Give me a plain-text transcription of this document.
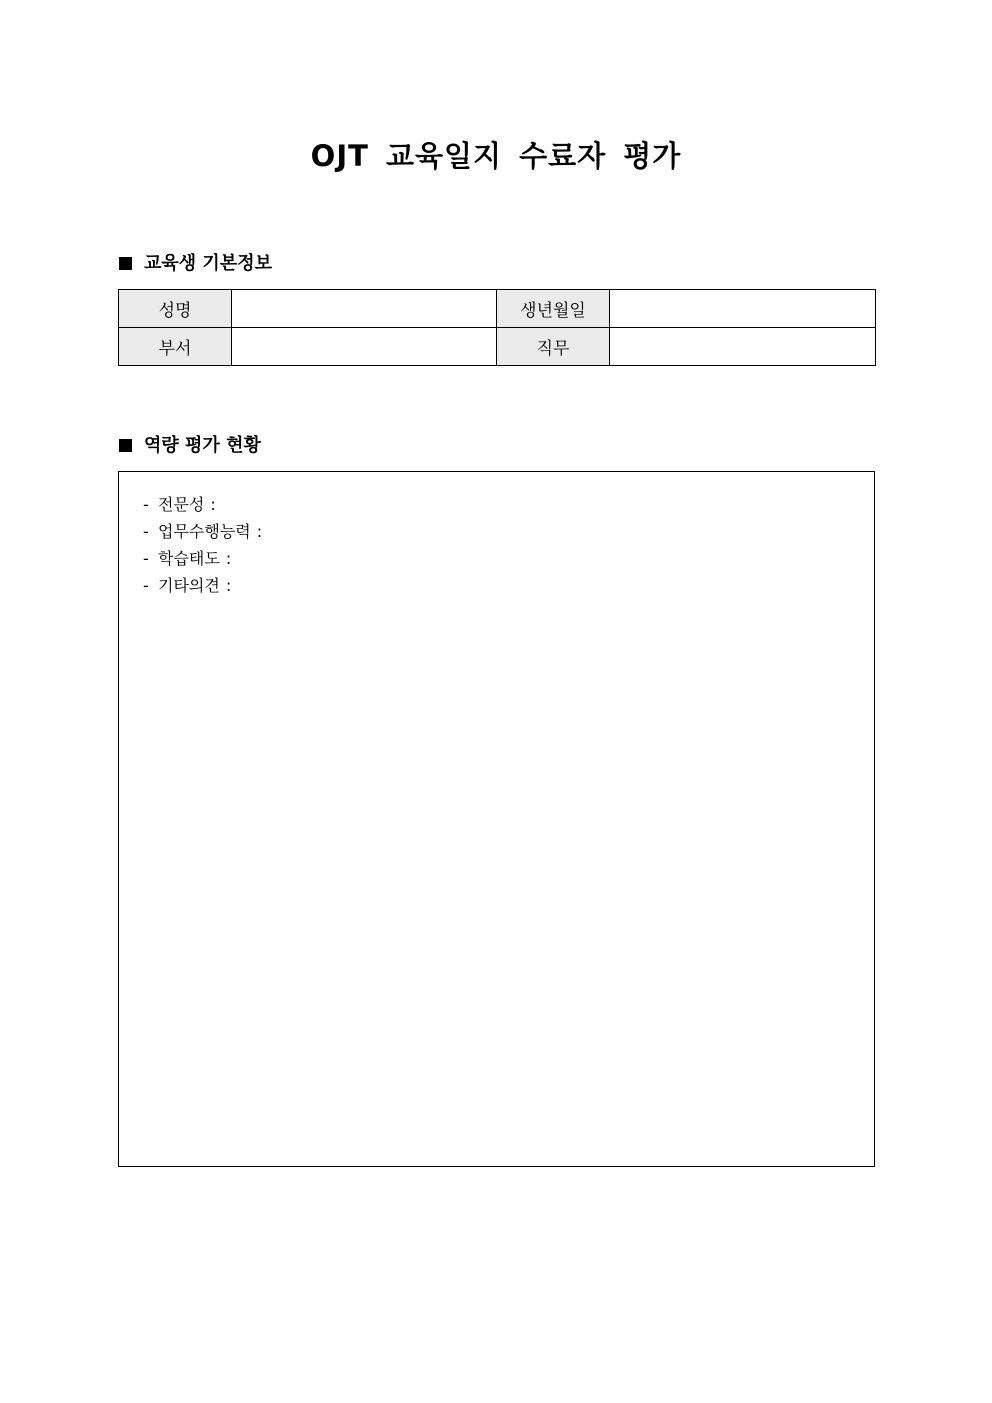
OJT 교육일지 수료자 평가
교육생 기본정보
성명		생년월일	
부서		직무	
역량 평가 현황
- 전문성 :
- 업무수행능력 :
- 학습태도 :
- 기타의견 :
